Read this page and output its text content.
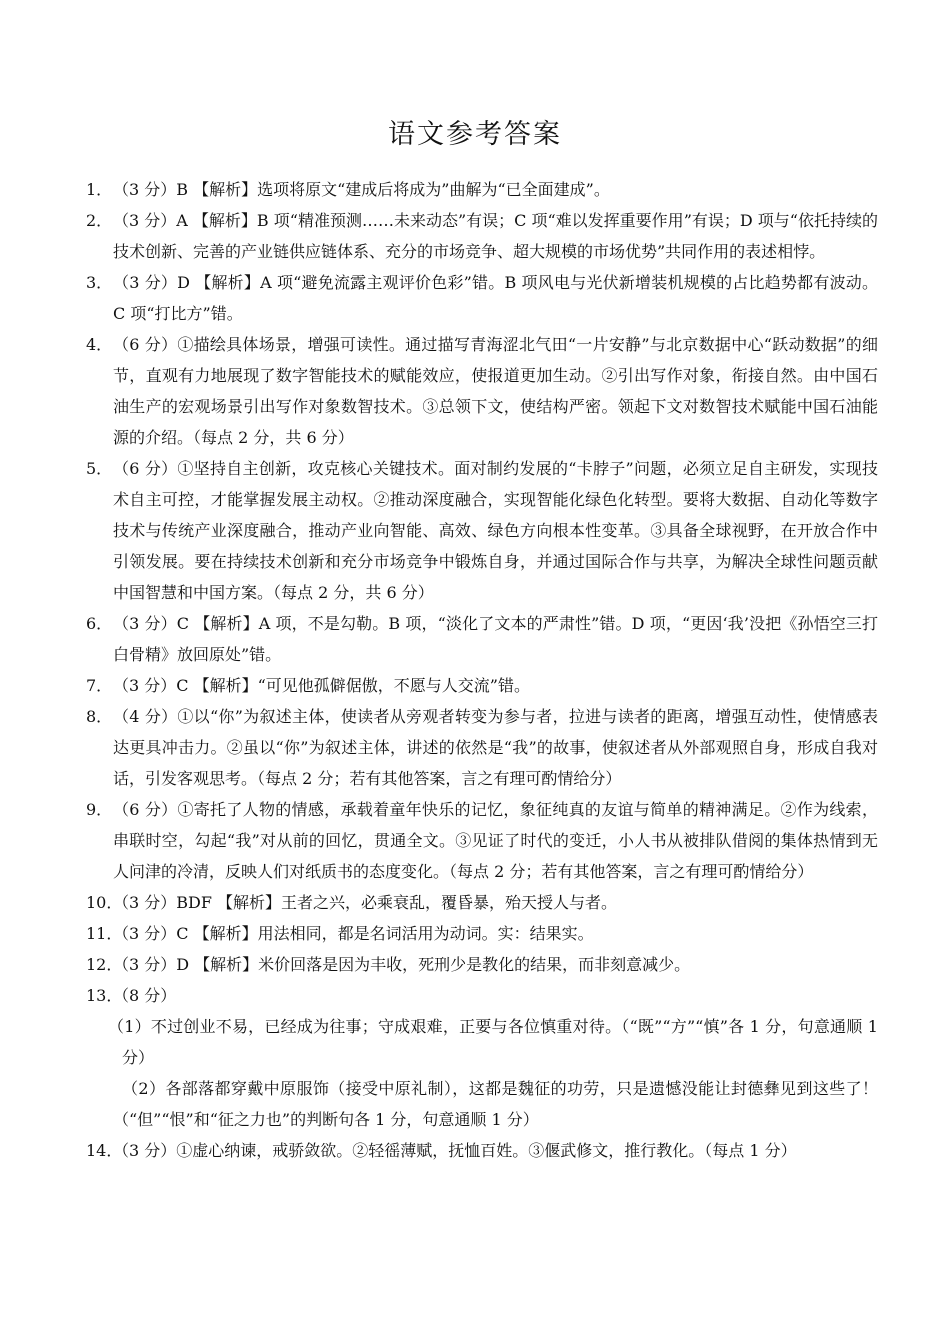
语文参考答案
1． （3 分）B 【解析】选项将原文“建成后将成为”曲解为“已全面建成”。
2． （3 分）A 【解析】B 项“精准预测……未来动态”有误；C 项“难以发挥重要作用”有误；D 项与“依托持续的技术创新、完善的产业链供应链体系、充分的市场竞争、超大规模的市场优势”共同作用的表述相悖。
3． （3 分）D 【解析】A 项“避免流露主观评价色彩”错。B 项风电与光伏新增装机规模的占比趋势都有波动。C 项“打比方”错。
4． （6 分）①描绘具体场景，增强可读性。通过描写青海涩北气田“一片安静”与北京数据中心“跃动数据”的细节，直观有力地展现了数字智能技术的赋能效应，使报道更加生动。②引出写作对象，衔接自然。由中国石油生产的宏观场景引出写作对象数智技术。③总领下文，使结构严密。领起下文对数智技术赋能中国石油能源的介绍。（每点 2 分，共 6 分）
5． （6 分）①坚持自主创新，攻克核心关键技术。面对制约发展的“卡脖子”问题，必须立足自主研发，实现技术自主可控，才能掌握发展主动权。②推动深度融合，实现智能化绿色化转型。要将大数据、自动化等数字技术与传统产业深度融合，推动产业向智能、高效、绿色方向根本性变革。③具备全球视野，在开放合作中引领发展。要在持续技术创新和充分市场竞争中锻炼自身，并通过国际合作与共享，为解决全球性问题贡献中国智慧和中国方案。（每点 2 分，共 6 分）
6． （3 分）C 【解析】A 项，不是勾勒。B 项，“淡化了文本的严肃性”错。D 项，“更因‘我’没把《孙悟空三打白骨精》放回原处”错。
7． （3 分）C 【解析】“可见他孤僻倨傲，不愿与人交流”错。
8． （4 分）①以“你”为叙述主体，使读者从旁观者转变为参与者，拉进与读者的距离，增强互动性，使情感表达更具冲击力。②虽以“你”为叙述主体，讲述的依然是“我”的故事，使叙述者从外部观照自身，形成自我对话，引发客观思考。（每点 2 分；若有其他答案，言之有理可酌情给分）
9． （6 分）①寄托了人物的情感，承载着童年快乐的记忆，象征纯真的友谊与简单的精神满足。②作为线索，串联时空，勾起“我”对从前的回忆，贯通全文。③见证了时代的变迁，小人书从被排队借阅的集体热情到无人问津的冷清，反映人们对纸质书的态度变化。（每点 2 分；若有其他答案，言之有理可酌情给分）
10．
（3 分）BDF 【解析】王者之兴，必乘衰乱，覆昏暴，殆天授人与者。
11．
（3 分）C 【解析】用法相同，都是名词活用为动词。实：结果实。
12．
（3 分）D 【解析】米价回落是因为丰收，死刑少是教化的结果，而非刻意减少。
13．
（8 分）
（1）不过创业不易，已经成为往事；守成艰难，正要与各位慎重对待。（“既”“方”“慎”各 1 分，句意通顺 1 分）
（2）各部落都穿戴中原服饰（接受中原礼制），这都是魏征的功劳，只是遗憾没能让封德彝见到这些了！（“但”“恨”和“征之力也”的判断句各 1 分，句意通顺 1 分）
14．
（3 分）①虚心纳谏，戒骄敛欲。②轻徭薄赋，抚恤百姓。③偃武修文，推行教化。（每点 1 分）
